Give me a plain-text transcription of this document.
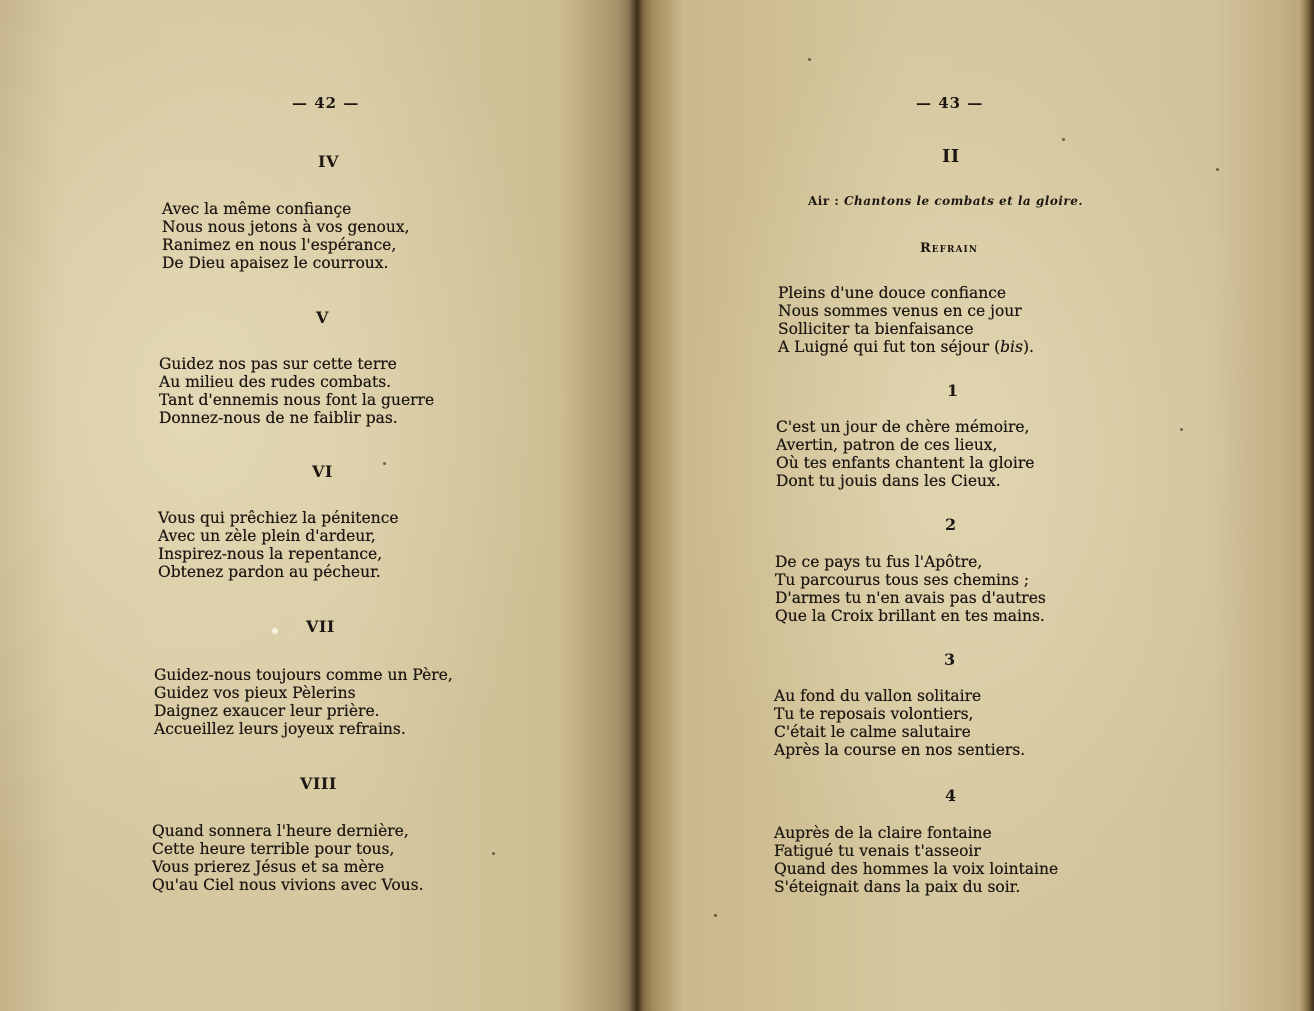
— 42 —
IV
Avec la même confiançe
Nous nous jetons à vos genoux,
Ranimez en nous l'espérance,
De Dieu apaisez le courroux.
V
Guidez nos pas sur cette terre
Au milieu des rudes combats.
Tant d'ennemis nous font la guerre
Donnez-nous de ne faiblir pas.
VI
Vous qui prêchiez la pénitence
Avec un zèle plein d'ardeur,
Inspirez-nous la repentance,
Obtenez pardon au pécheur.
VII
Guidez-nous toujours comme un Père,
Guidez vos pieux Pèlerins
Daignez exaucer leur prière.
Accueillez leurs joyeux refrains.
VIII
Quand sonnera l'heure dernière,
Cette heure terrible pour tous,
Vous prierez Jésus et sa mère
Qu'au Ciel nous vivions avec Vous.
— 43 —
II
Air : Chantons le combats et la gloire.
Refrain
Pleins d'une douce confiance
Nous sommes venus en ce jour
Solliciter ta bienfaisance
A Luigné qui fut ton séjour (bis).
1
C'est un jour de chère mémoire,
Avertin, patron de ces lieux,
Où tes enfants chantent la gloire
Dont tu jouis dans les Cieux.
2
De ce pays tu fus l'Apôtre,
Tu parcourus tous ses chemins ;
D'armes tu n'en avais pas d'autres
Que la Croix brillant en tes mains.
3
Au fond du vallon solitaire
Tu te reposais volontiers,
C'était le calme salutaire
Après la course en nos sentiers.
4
Auprès de la claire fontaine
Fatigué tu venais t'asseoir
Quand des hommes la voix lointaine
S'éteignait dans la paix du soir.
